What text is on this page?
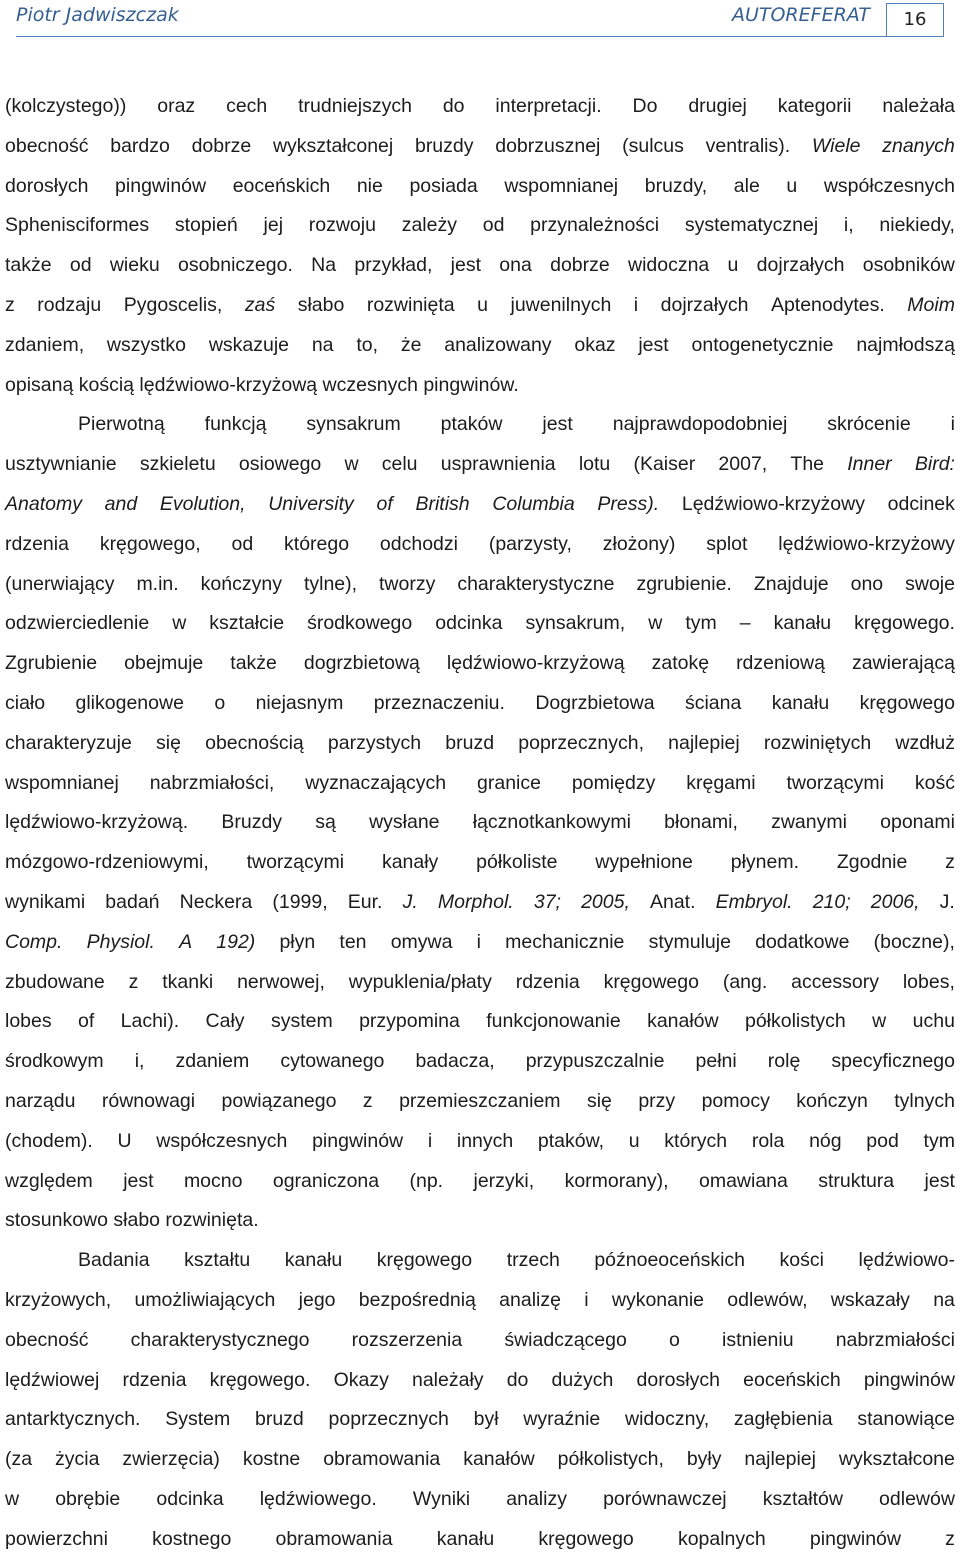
Piotr Jadwiszczak	AUTOREFERAT	16
(kolczystego)) oraz cech trudniejszych do interpretacji. Do drugiej kategorii należała
obecność bardzo dobrze wykształconej bruzdy dobrzusznej (sulcus ventralis). Wiele znanych
dorosłych pingwinów eoceńskich nie posiada wspomnianej bruzdy, ale u współczesnych
Sphenisciformes stopień jej rozwoju zależy od przynależności systematycznej i, niekiedy,
także od wieku osobniczego. Na przykład, jest ona dobrze widoczna u dojrzałych osobników
z rodzaju Pygoscelis, zaś słabo rozwinięta u juwenilnych i dojrzałych Aptenodytes. Moim
zdaniem, wszystko wskazuje na to, że analizowany okaz jest ontogenetycznie najmłodszą
opisaną kością lędźwiowo-krzyżową wczesnych pingwinów.
Pierwotną funkcją synsakrum ptaków jest najprawdopodobniej skrócenie i
usztywnianie szkieletu osiowego w celu usprawnienia lotu (Kaiser 2007, The Inner Bird:
Anatomy and Evolution, University of British Columbia Press). Lędźwiowo-krzyżowy odcinek
rdzenia kręgowego, od którego odchodzi (parzysty, złożony) splot lędźwiowo-krzyżowy
(unerwiający m.in. kończyny tylne), tworzy charakterystyczne zgrubienie. Znajduje ono swoje
odzwierciedlenie w kształcie środkowego odcinka synsakrum, w tym – kanału kręgowego.
Zgrubienie obejmuje także dogrzbietową lędźwiowo-krzyżową zatokę rdzeniową zawierającą
ciało glikogenowe o niejasnym przeznaczeniu. Dogrzbietowa ściana kanału kręgowego
charakteryzuje się obecnością parzystych bruzd poprzecznych, najlepiej rozwiniętych wzdłuż
wspomnianej nabrzmiałości, wyznaczających granice pomiędzy kręgami tworzącymi kość
lędźwiowo-krzyżową. Bruzdy są wysłane łącznotkankowymi błonami, zwanymi oponami
mózgowo-rdzeniowymi, tworzącymi kanały półkoliste wypełnione płynem. Zgodnie z
wynikami badań Neckera (1999, Eur. J. Morphol. 37; 2005, Anat. Embryol. 210; 2006, J.
Comp. Physiol. A 192) płyn ten omywa i mechanicznie stymuluje dodatkowe (boczne),
zbudowane z tkanki nerwowej, wypuklenia/płaty rdzenia kręgowego (ang. accessory lobes,
lobes of Lachi). Cały system przypomina funkcjonowanie kanałów półkolistych w uchu
środkowym i, zdaniem cytowanego badacza, przypuszczalnie pełni rolę specyficznego
narządu równowagi powiązanego z przemieszczaniem się przy pomocy kończyn tylnych
(chodem). U współczesnych pingwinów i innych ptaków, u których rola nóg pod tym
względem jest mocno ograniczona (np. jerzyki, kormorany), omawiana struktura jest
stosunkowo słabo rozwinięta.
Badania kształtu kanału kręgowego trzech późnoeoceńskich kości lędźwiowo-
krzyżowych, umożliwiających jego bezpośrednią analizę i wykonanie odlewów, wskazały na
obecność charakterystycznego rozszerzenia świadczącego o istnieniu nabrzmiałości
lędźwiowej rdzenia kręgowego. Okazy należały do dużych dorosłych eoceńskich pingwinów
antarktycznych. System bruzd poprzecznych był wyraźnie widoczny, zagłębienia stanowiące
(za życia zwierzęcia) kostne obramowania kanałów półkolistych, były najlepiej wykształcone
w obrębie odcinka lędźwiowego. Wyniki analizy porównawczej kształtów odlewów
powierzchni kostnego obramowania kanału kręgowego kopalnych pingwinów z
